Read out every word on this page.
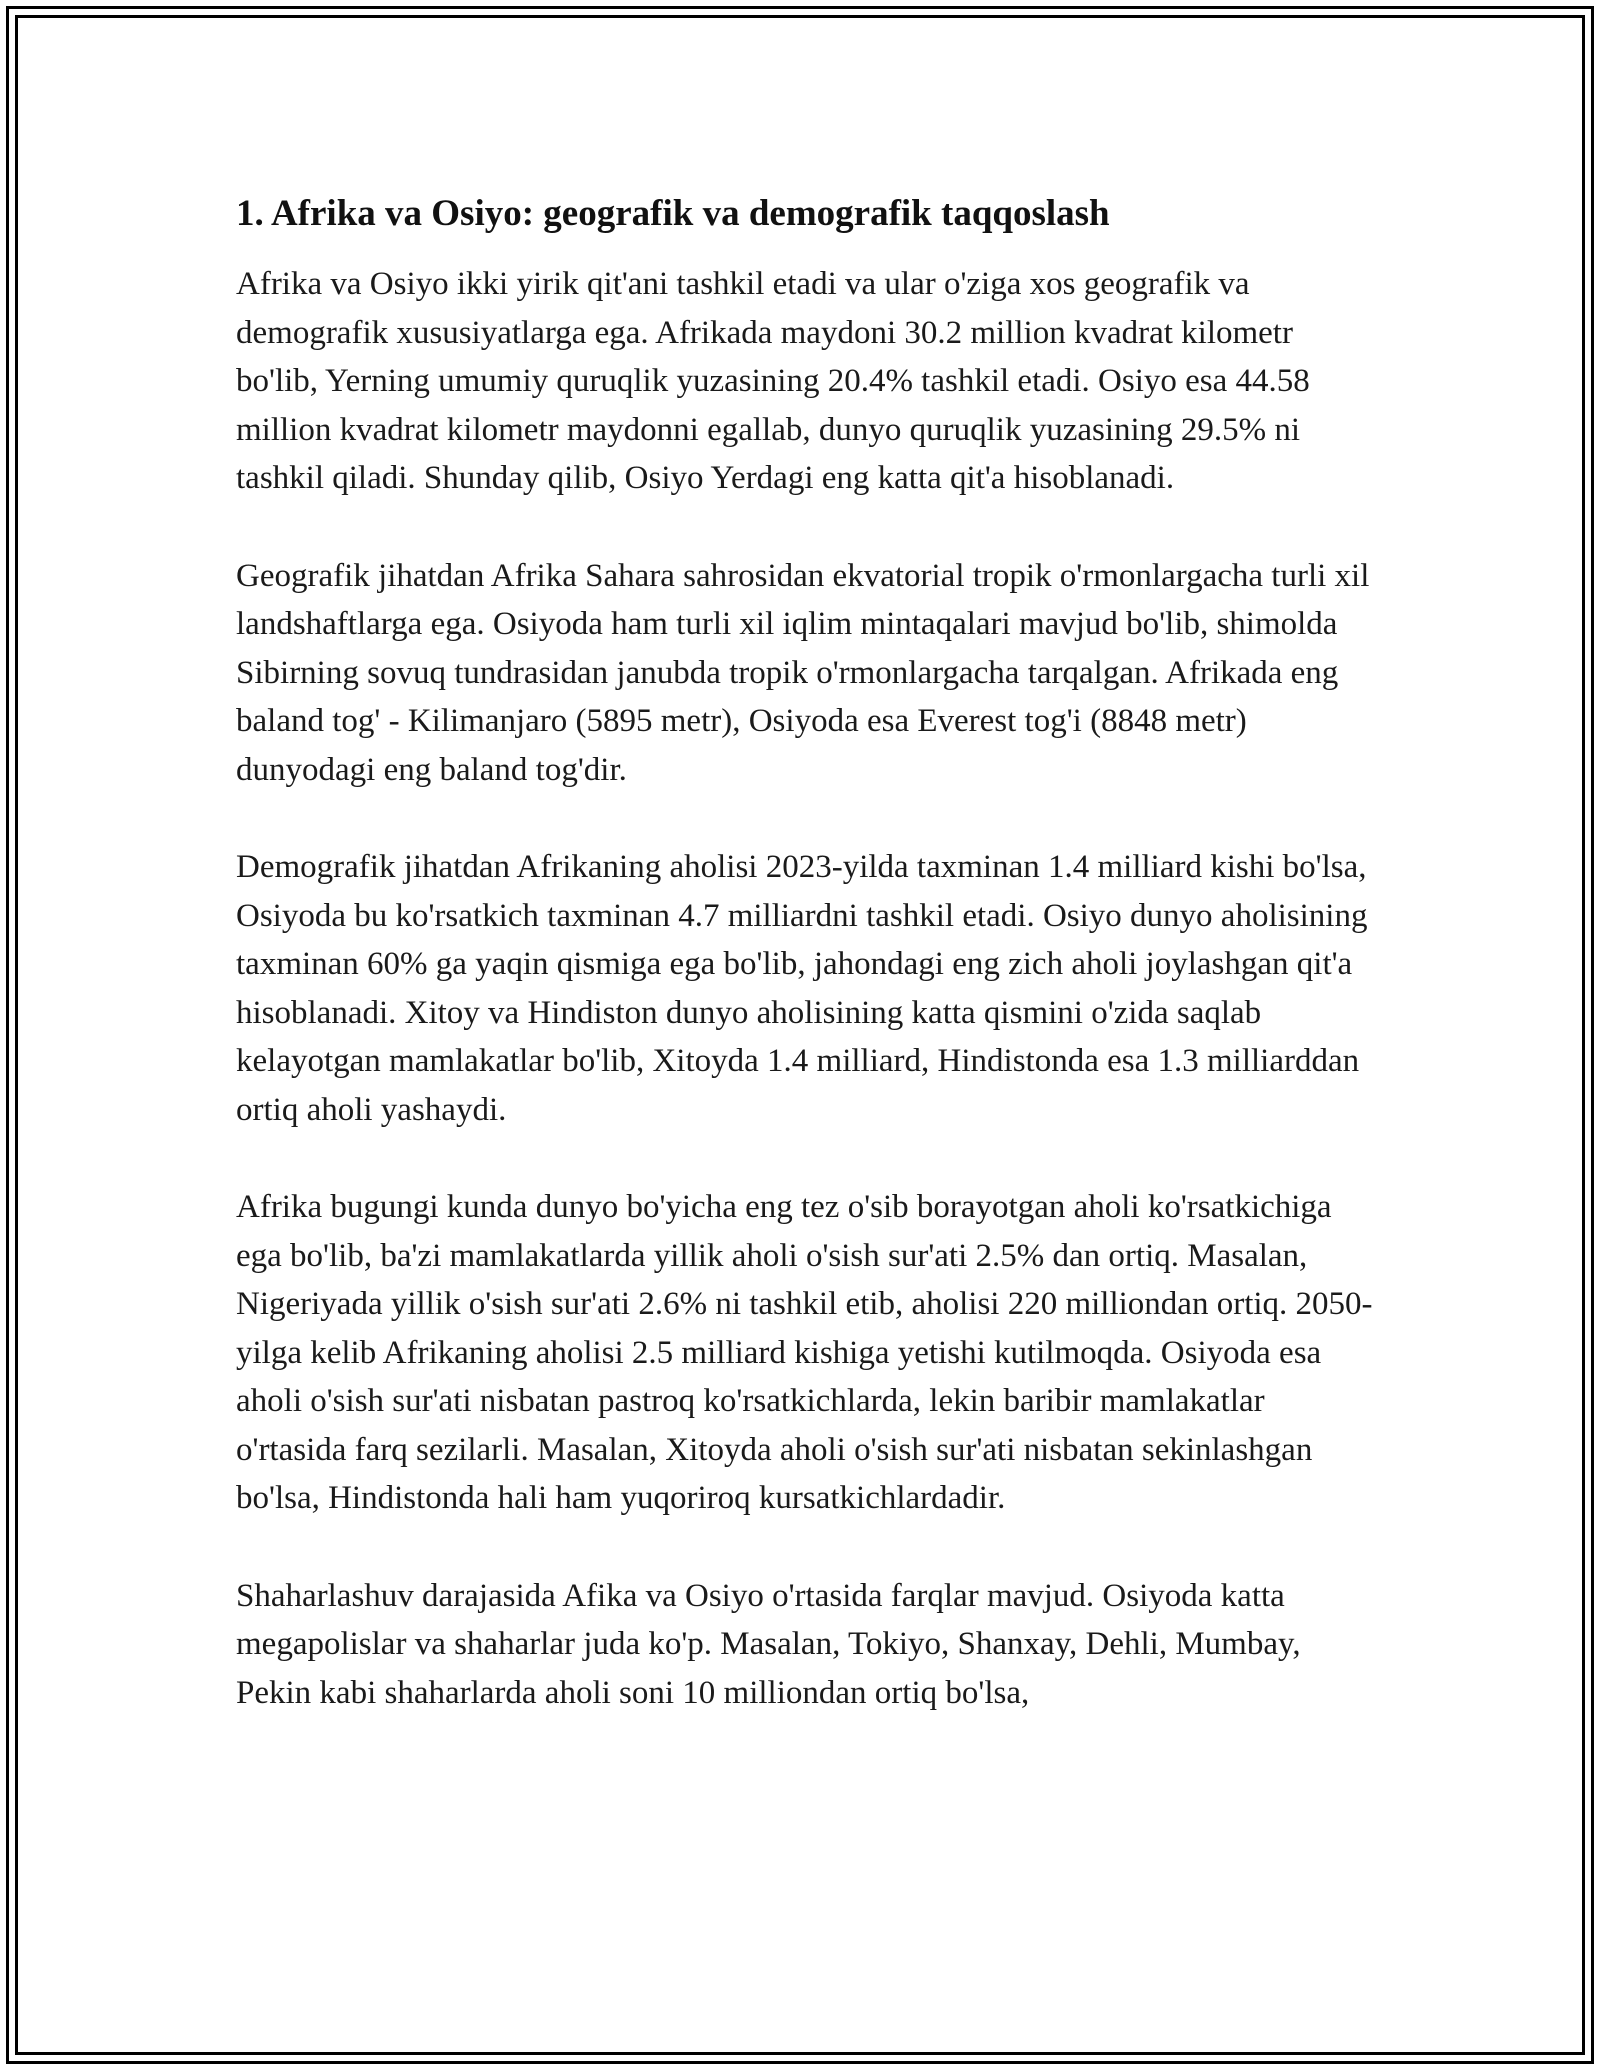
1. Afrika va Osiyo: geografik va demografik taqqoslash

Afrika va Osiyo ikki yirik qit'ani tashkil etadi va ular o'ziga xos geografik va demografik xususiyatlarga ega. Afrikada maydoni 30.2 million kvadrat kilometr bo'lib, Yerning umumiy quruqlik yuzasining 20.4% tashkil etadi. Osiyo esa 44.58 million kvadrat kilometr maydonni egallab, dunyo quruqlik yuzasining 29.5% ni tashkil qiladi. Shunday qilib, Osiyo Yerdagi eng katta qit'a hisoblanadi.

Geografik jihatdan Afrika Sahara sahrosidan ekvatorial tropik o'rmonlargacha turli xil landshaftlarga ega. Osiyoda ham turli xil iqlim mintaqalari mavjud bo'lib, shimolda Sibirning sovuq tundrasidan janubda tropik o'rmonlargacha tarqalgan. Afrikada eng baland tog' - Kilimanjaro (5895 metr), Osiyoda esa Everest tog'i (8848 metr) dunyodagi eng baland tog'dir.

Demografik jihatdan Afrikaning aholisi 2023-yilda taxminan 1.4 milliard kishi bo'lsa, Osiyoda bu ko'rsatkich taxminan 4.7 milliardni tashkil etadi. Osiyo dunyo aholisining taxminan 60% ga yaqin qismiga ega bo'lib, jahondagi eng zich aholi joylashgan qit'a hisoblanadi. Xitoy va Hindiston dunyo aholisining katta qismini o'zida saqlab kelayotgan mamlakatlar bo'lib, Xitoyda 1.4 milliard, Hindistonda esa 1.3 milliarddan ortiq aholi yashaydi.

Afrika bugungi kunda dunyo bo'yicha eng tez o'sib borayotgan aholi ko'rsatkichiga ega bo'lib, ba'zi mamlakatlarda yillik aholi o'sish sur'ati 2.5% dan ortiq. Masalan, Nigeriyada yillik o'sish sur'ati 2.6% ni tashkil etib, aholisi 220 milliondan ortiq. 2050-yilga kelib Afrikaning aholisi 2.5 milliard kishiga yetishi kutilmoqda. Osiyoda esa aholi o'sish sur'ati nisbatan pastroq ko'rsatkichlarda, lekin baribir mamlakatlar o'rtasida farq sezilarli. Masalan, Xitoyda aholi o'sish sur'ati nisbatan sekinlashgan bo'lsa, Hindistonda hali ham yuqoriroq kursatkichlardadir.

Shaharlashuv darajasida Afika va Osiyo o'rtasida farqlar mavjud. Osiyoda katta megapolislar va shaharlar juda ko'p. Masalan, Tokiyo, Shanxay, Dehli, Mumbay, Pekin kabi shaharlarda aholi soni 10 milliondan ortiq bo'lsa,
